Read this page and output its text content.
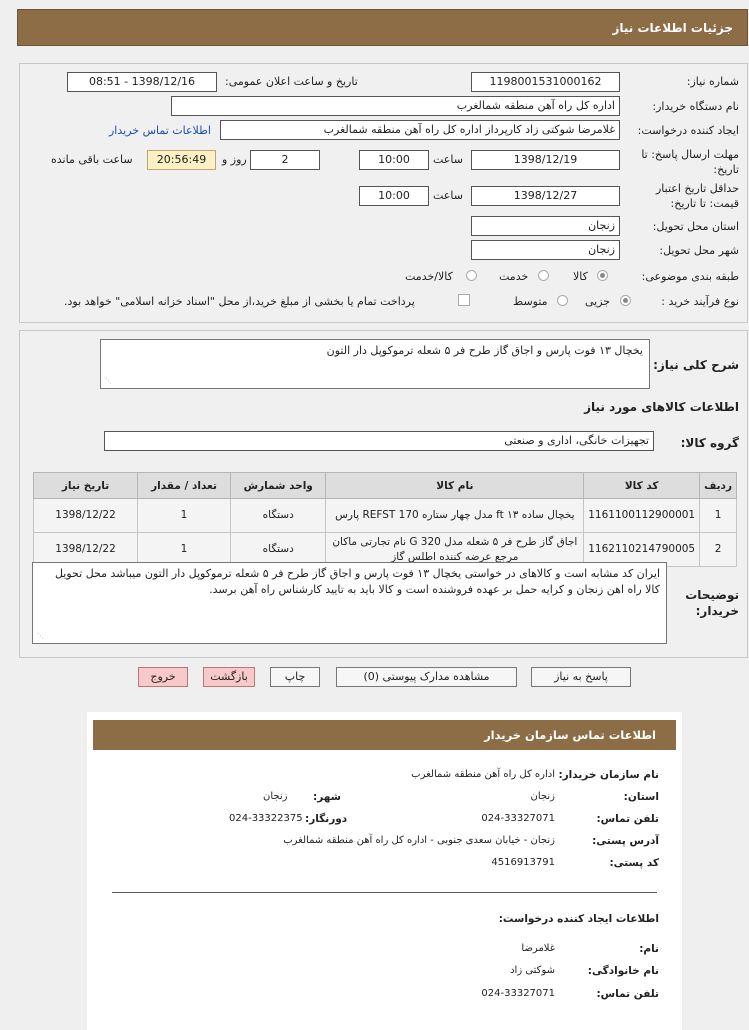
جزئیات اطلاعات نیاز
شماره نیاز:
1198001531000162
تاریخ و ساعت اعلان عمومی:
1398/12/16 - 08:51
نام دستگاه خریدار:
اداره کل راه آهن منطقه شمالغرب
ایجاد کننده درخواست:
غلامرضا شوکتی زاد کارپرداز اداره کل راه آهن منطقه شمالغرب
اطلاعات تماس خریدار
مهلت ارسال پاسخ: تا
تاریخ:
1398/12/19
ساعت
10:00
2
روز و
20:56:49
ساعت باقی مانده
حداقل تاریخ اعتبار
قیمت: تا تاریخ:
1398/12/27
ساعت
10:00
استان محل تحویل:
زنجان
شهر محل تحویل:
زنجان
طبقه بندی موضوعی:
کالا
خدمت
کالا/خدمت
نوع فرآیند خرید :
جزیی
متوسط
پرداخت تمام یا بخشی از مبلغ خرید،از محل "اسناد خزانه اسلامی" خواهد بود.
شرح کلی نیاز:
یخچال ۱۳ فوت پارس و اجاق گاز طرح فر ۵ شعله ترموکوپل دار التون
⋰
اطلاعات کالاهای مورد نیاز
گروه کالا:
تجهیزات خانگی، اداری و صنعتی
ردیف	کد کالا	نام کالا	واحد شمارش	تعداد / مقدار	تاریخ نیاز
1	1161100112900001	یخچال ساده ۱۳ ft مدل چهار ستاره REFST 170 پارس	دستگاه	1	1398/12/22
2	1162110214790005	اجاق گاز طرح فر ۵ شعله مدل G 320 نام تجارتی ماکان مرجع عرضه کننده اطلس گاز	دستگاه	1	1398/12/22
توضیحات
خریدار:
ایران کد مشابه است و کالاهای در خواستی یخچال ۱۳ فوت پارس و اجاق گاز طرح فر ۵ شعله ترموکوپل دار التون میباشد محل تحویل کالا راه اهن زنجان و کرایه حمل بر عهده فروشنده است و کالا باید به تایید کارشناس راه آهن برسد.
⋰
پاسخ به نیاز
مشاهده مدارک پیوستی (0)
چاپ
بازگشت
خروج
اطلاعات تماس سازمان خریدار
نام سازمان خریدار:
اداره کل راه آهن منطقه شمالغرب
استان:
زنجان
شهر:
زنجان
تلفن تماس:
024-33327071
دورنگار:
024-33322375
آدرس پستی:
زنجان - خیابان سعدی جنوبی - اداره کل راه آهن منطقه شمالغرب
کد پستی:
4516913791
اطلاعات ایجاد کننده درخواست:
نام:
غلامرضا
نام خانوادگی:
شوکتی زاد
تلفن تماس:
024-33327071
